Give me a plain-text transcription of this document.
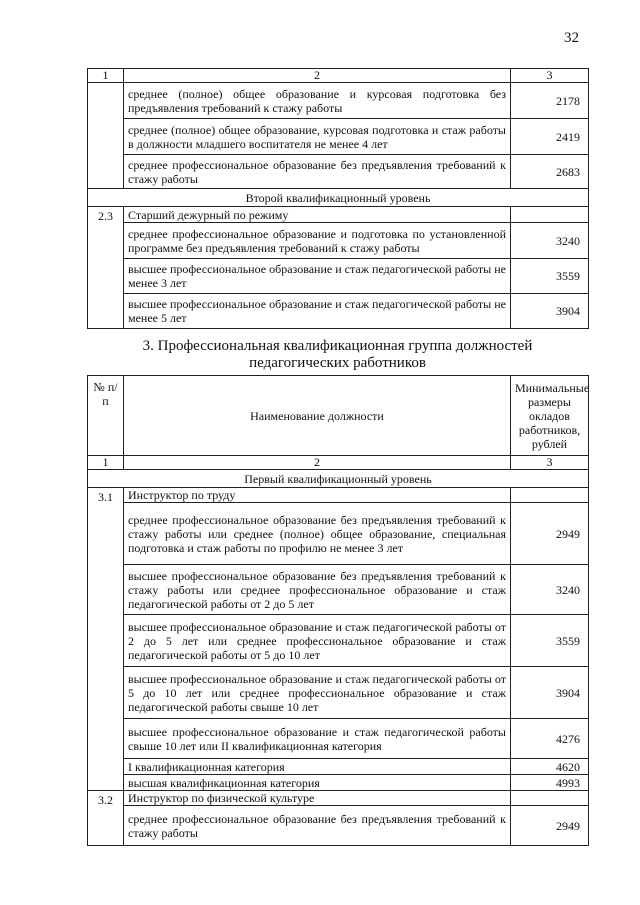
32
1	2	3
	среднее (полное) общее образование и курсовая подготовка без предъявления требований к стажу работы	2178
	среднее (полное) общее образование, курсовая подготовка и стаж работы в должности младшего воспитателя не менее 4 лет	2419
	среднее профессиональное образование без предъявления требований к стажу работы	2683
Второй квалификационный уровень		
2.3	Старший дежурный по режиму	
	среднее профессиональное образование и подготовка по установленной программе без предъявления требований к стажу работы	3240
	высшее профессиональное образование и стаж педагогической работы не менее 3 лет	3559
	высшее профессиональное образование и стаж педагогической работы не менее 5 лет	3904
3. Профессиональная квалификационная группа должностей
педагогических работников
№ п/п	Наименование должности	Минимальные размеры окладов работников, рублей
1	2	3
Первый квалификационный уровень		
3.1	Инструктор по труду	
	среднее профессиональное образование без предъявления требований к стажу работы или среднее (полное) общее образование, специальная подготовка и стаж работы по профилю не менее 3 лет	2949
	высшее профессиональное образование без предъявления требований к стажу работы или среднее профессиональное образование и стаж педагогической работы от 2 до 5 лет	3240
	высшее профессиональное образование и стаж педагогической работы от 2 до 5 лет или среднее профессиональное образование и стаж педагогической работы от 5 до 10 лет	3559
	высшее профессиональное образование и стаж педагогической работы от 5 до 10 лет или среднее профессиональное образование и стаж педагогической работы свыше 10 лет	3904
	высшее профессиональное образование и стаж педагогической работы свыше 10 лет или II квалификационная категория	4276
	I квалификационная категория	4620
	высшая квалификационная категория	4993
3.2	Инструктор по физической культуре	
	среднее профессиональное образование без предъявления требований к стажу работы	2949
